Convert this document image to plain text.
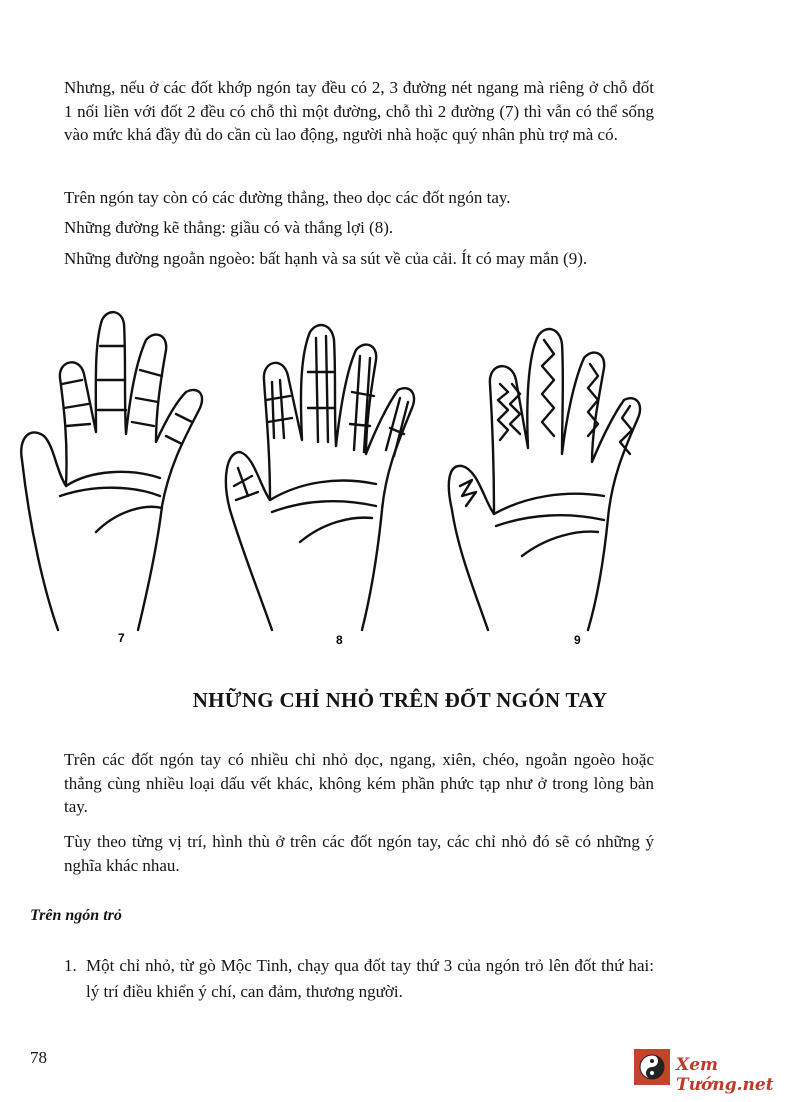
Nhưng, nếu ở các đốt khớp ngón tay đều có 2, 3 đường nét ngang mà riêng ở chỗ đốt 1 nối liền với đốt 2 đều có chỗ thì một đường, chỗ thì 2 đường (7) thì vẫn có thể sống vào mức khá đầy đủ do cần cù lao động, người nhà hoặc quý nhân phù trợ mà có.

Trên ngón tay còn có các đường thẳng, theo dọc các đốt ngón tay.

Những đường kẽ thẳng: giầu có và thắng lợi (8).

Những đường ngoằn ngoèo: bất hạnh và sa sút về của cải. Ít có may mắn (9).

7	8	9
NHỮNG CHỈ NHỎ TRÊN ĐỐT NGÓN TAY

Trên các đốt ngón tay có nhiều chỉ nhỏ dọc, ngang, xiên, chéo, ngoằn ngoèo hoặc thẳng cùng nhiều loại dấu vết khác, không kém phần phức tạp như ở trong lòng bàn tay.

Tùy theo từng vị trí, hình thù ở trên các đốt ngón tay, các chỉ nhỏ đó sẽ có những ý nghĩa khác nhau.

Trên ngón trỏ
1. Một chỉ nhỏ, từ gò Mộc Tinh, chạy qua đốt tay thứ 3 của ngón trỏ lên đốt thứ hai: lý trí điều khiển ý chí, can đảm, thương người.
78	Xem Tướng.net
